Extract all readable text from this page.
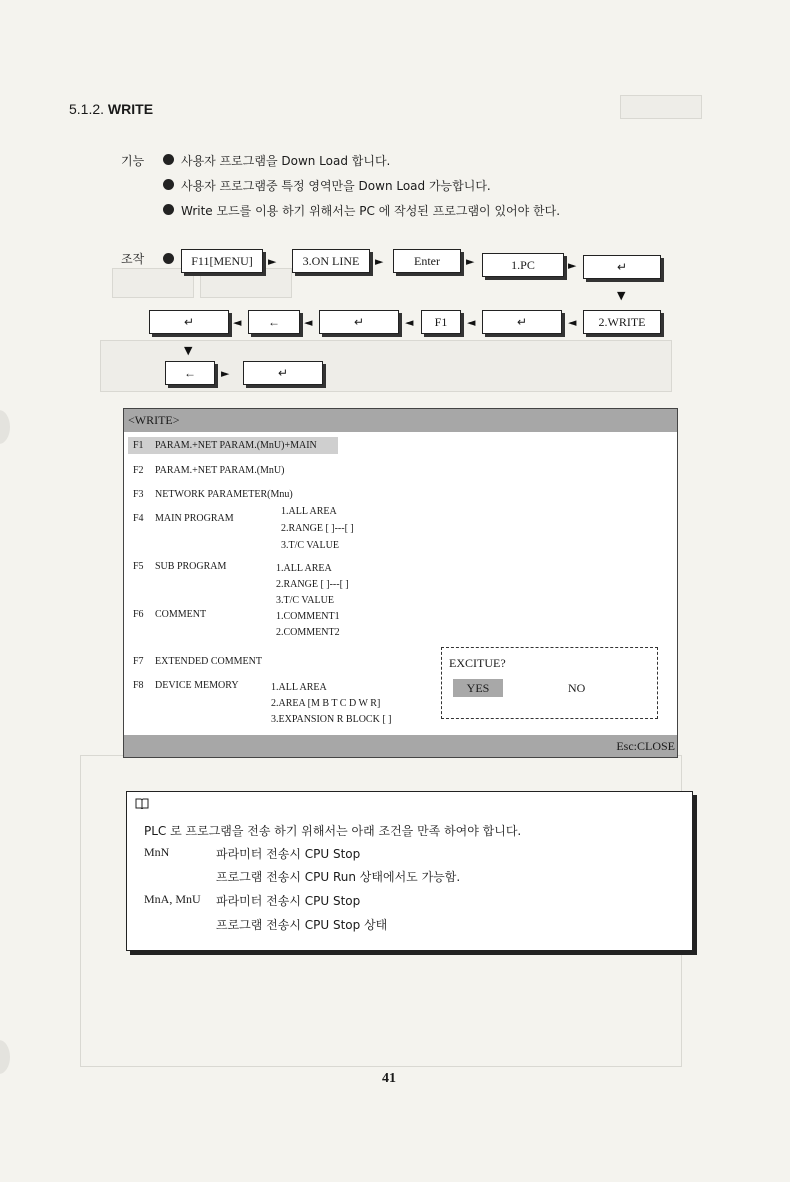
5.1.2. WRITE
기능	사용자 프로그램을 Down Load 합니다.
사용자 프로그램중 특정 영역만을 Down Load 가능합니다.
Write 모드를 이용 하기 위해서는 PC 에 작성된 프로그램이 있어야 한다.
조작	F11[MENU]	►	3.ON LINE	►	Enter	►	1.PC	►	↵
▼
2.WRITE
◄
↵
◄
F1
◄
↵
◄
←
◄
↵
▼
←	►	↵
<WRITE>
F1 PARAM.+NET PARAM.(MnU)+MAIN
F2 PARAM.+NET PARAM.(MnU)
F3 NETWORK PARAMETER(Mnu)
F4 MAIN PROGRAM
1.ALL AREA
2.RANGE [ ]---[ ]
3.T/C VALUE
F5 SUB PROGRAM	1.ALL AREA
2.RANGE [ ]---[ ]
3.T/C VALUE
F6 COMMENT	1.COMMENT1
2.COMMENT2
F7 EXTENDED COMMENT
F8 DEVICE MEMORY	1.ALL AREA
2.AREA [M B T C D W R]
3.EXPANSION R BLOCK [ ]
EXCITUE?
YES	NO
Esc:CLOSE
PLC 로 프로그램을 전송 하기 위해서는 아래 조건을 만족 하여야 합니다.
MnN	파라미터 전송시 CPU Stop
프로그램 전송시 CPU Run 상태에서도 가능함.
MnA, MnU 파라미터 전송시 CPU Stop
프로그램 전송시 CPU Stop 상태
41
